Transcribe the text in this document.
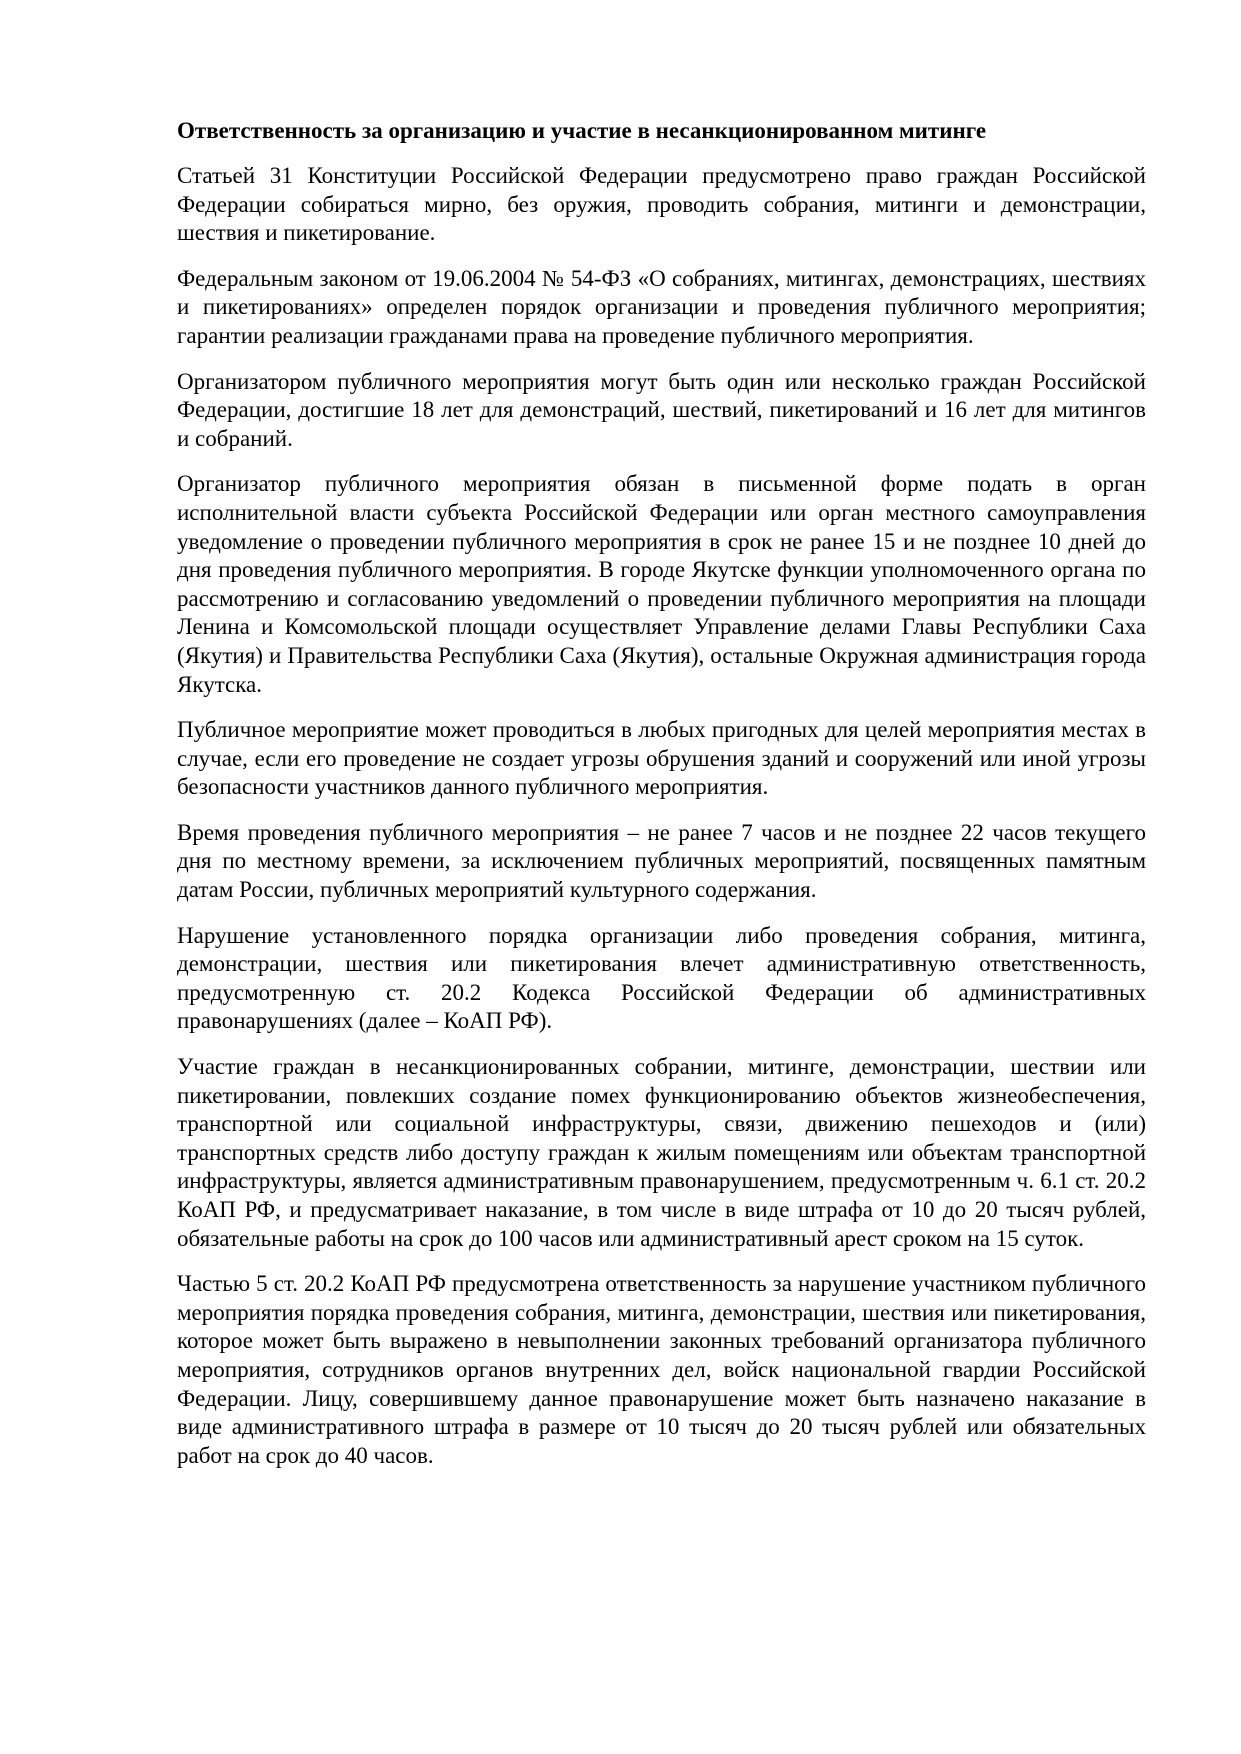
Ответственность за организацию и участие в несанкционированном митинге

Статьей 31 Конституции Российской Федерации предусмотрено право граждан Российской Федерации собираться мирно, без оружия, проводить собрания, митинги и демонстрации, шествия и пикетирование.

Федеральным законом от 19.06.2004 № 54-ФЗ «О собраниях, митингах, демонстрациях, шествиях и пикетированиях» определен порядок организации и проведения публичного мероприятия; гарантии реализации гражданами права на проведение публичного мероприятия.

Организатором публичного мероприятия могут быть один или несколько граждан Российской Федерации, достигшие 18 лет для демонстраций, шествий, пикетирований и 16 лет для митингов и собраний.

Организатор публичного мероприятия обязан в письменной форме подать в орган исполнительной власти субъекта Российской Федерации или орган местного самоуправления уведомление о проведении публичного мероприятия в срок не ранее 15 и не позднее 10 дней до дня проведения публичного мероприятия. В городе Якутске функции уполномоченного органа по рассмотрению и согласованию уведомлений о проведении публичного мероприятия на площади Ленина и Комсомольской площади осуществляет Управление делами Главы Республики Саха (Якутия) и Правительства Республики Саха (Якутия), остальные Окружная администрация города Якутска.

Публичное мероприятие может проводиться в любых пригодных для целей мероприятия местах в случае, если его проведение не создает угрозы обрушения зданий и сооружений или иной угрозы безопасности участников данного публичного мероприятия.

Время проведения публичного мероприятия – не ранее 7 часов и не позднее 22 часов текущего дня по местному времени, за исключением публичных мероприятий, посвященных памятным датам России, публичных мероприятий культурного содержания.

Нарушение установленного порядка организации либо проведения собрания, митинга, демонстрации, шествия или пикетирования влечет административную ответственность, предусмотренную ст. 20.2 Кодекса Российской Федерации об административных правонарушениях (далее – КоАП РФ).

Участие граждан в несанкционированных собрании, митинге, демонстрации, шествии или пикетировании, повлекших создание помех функционированию объектов жизнеобеспечения, транспортной или социальной инфраструктуры, связи, движению пешеходов и (или) транспортных средств либо доступу граждан к жилым помещениям или объектам транспортной инфраструктуры, является административным правонарушением, предусмотренным ч. 6.1 ст. 20.2 КоАП РФ, и предусматривает наказание, в том числе в виде штрафа от 10 до 20 тысяч рублей, обязательные работы на срок до 100 часов или административный арест сроком на 15 суток.

Частью 5 ст. 20.2 КоАП РФ предусмотрена ответственность за нарушение участником публичного мероприятия порядка проведения собрания, митинга, демонстрации, шествия или пикетирования, которое может быть выражено в невыполнении законных требований организатора публичного мероприятия, сотрудников органов внутренних дел, войск национальной гвардии Российской Федерации. Лицу, совершившему данное правонарушение может быть назначено наказание в виде административного штрафа в размере от 10 тысяч до 20 тысяч рублей или обязательных работ на срок до 40 часов.
